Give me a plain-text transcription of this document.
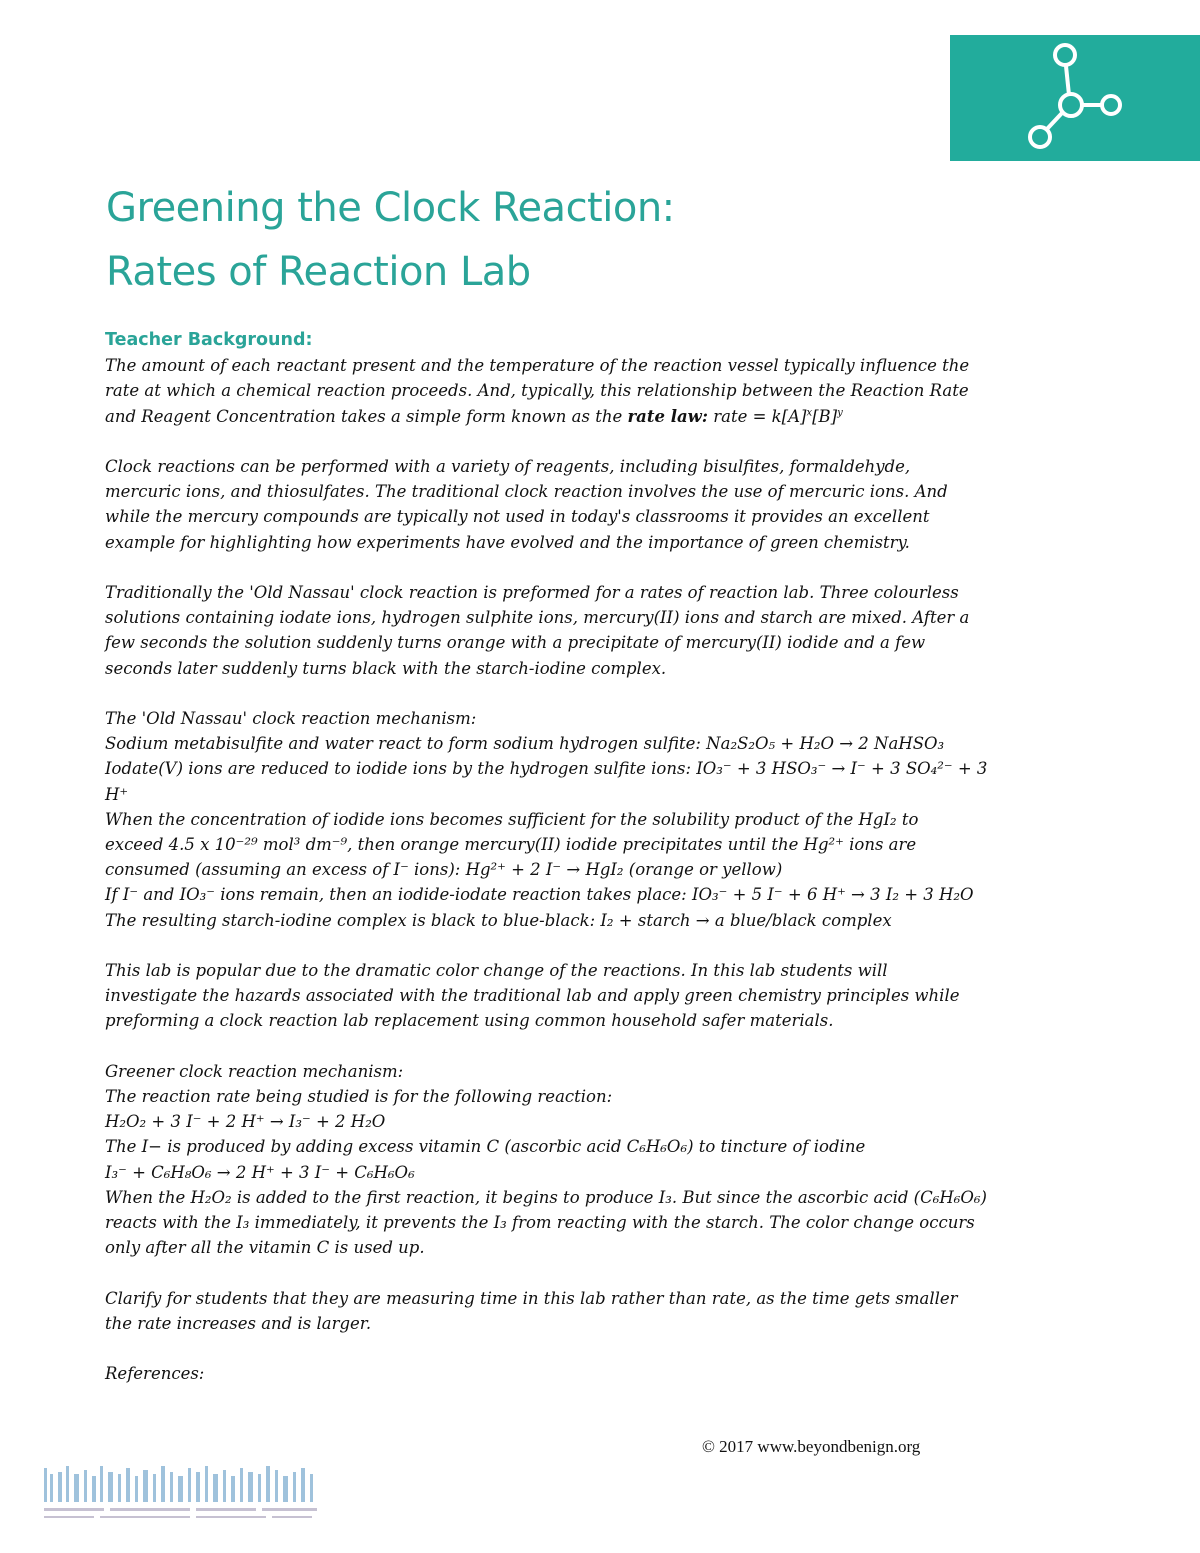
Greening the Clock Reaction:
Rates of Reaction Lab
Teacher Background:

The amount of each reactant present and the temperature of the reaction vessel typically influence the
rate at which a chemical reaction proceeds. And, typically, this relationship between the Reaction Rate
and Reagent Concentration takes a simple form known as the rate law: rate = $k[A]^x[B]^y$

Clock reactions can be performed with a variety of reagents, including bisulfites, formaldehyde,
mercuric ions, and thiosulfates. The traditional clock reaction involves the use of mercuric ions. And
while the mercury compounds are typically not used in today's classrooms it provides an excellent
example for highlighting how experiments have evolved and the importance of green chemistry.

Traditionally the 'Old Nassau' clock reaction is preformed for a rates of reaction lab. Three colourless
solutions containing iodate ions, hydrogen sulphite ions, mercury(II) ions and starch are mixed. After a
few seconds the solution suddenly turns orange with a precipitate of mercury(II) iodide and a few
seconds later suddenly turns black with the starch-iodine complex.

The 'Old Nassau' clock reaction mechanism:
Sodium metabisulfite and water react to form sodium hydrogen sulfite: Na₂S₂O₅ + H₂O → 2 NaHSO₃
Iodate(V) ions are reduced to iodide ions by the hydrogen sulfite ions: IO₃⁻ + 3 HSO₃⁻ → I⁻ + 3 SO₄²⁻ + 3
H⁺
When the concentration of iodide ions becomes sufficient for the solubility product of the HgI₂ to
exceed 4.5 x 10⁻²⁹ mol³ dm⁻⁹, then orange mercury(II) iodide precipitates until the Hg²⁺ ions are
consumed (assuming an excess of I⁻ ions): Hg²⁺ + 2 I⁻ → HgI₂ (orange or yellow)
If I⁻ and IO₃⁻ ions remain, then an iodide-iodate reaction takes place: IO₃⁻ + 5 I⁻ + 6 H⁺ → 3 I₂ + 3 H₂O
The resulting starch-iodine complex is black to blue-black: I₂ + starch → a blue/black complex

This lab is popular due to the dramatic color change of the reactions. In this lab students will
investigate the hazards associated with the traditional lab and apply green chemistry principles while
preforming a clock reaction lab replacement using common household safer materials.

Greener clock reaction mechanism:
The reaction rate being studied is for the following reaction:
H₂O₂ + 3 I⁻ + 2 H⁺ → I₃⁻ + 2 H₂O
The I− is produced by adding excess vitamin C (ascorbic acid C₆H₆O₆) to tincture of iodine
I₃⁻ + C₆H₈O₆ → 2 H⁺ + 3 I⁻ + C₆H₆O₆
When the H₂O₂ is added to the first reaction, it begins to produce I₃. But since the ascorbic acid (C₆H₆O₆)
reacts with the I₃ immediately, it prevents the I₃ from reacting with the starch. The color change occurs
only after all the vitamin C is used up.

Clarify for students that they are measuring time in this lab rather than rate, as the time gets smaller
the rate increases and is larger.

References:

© 2017 www.beyondbenign.org
